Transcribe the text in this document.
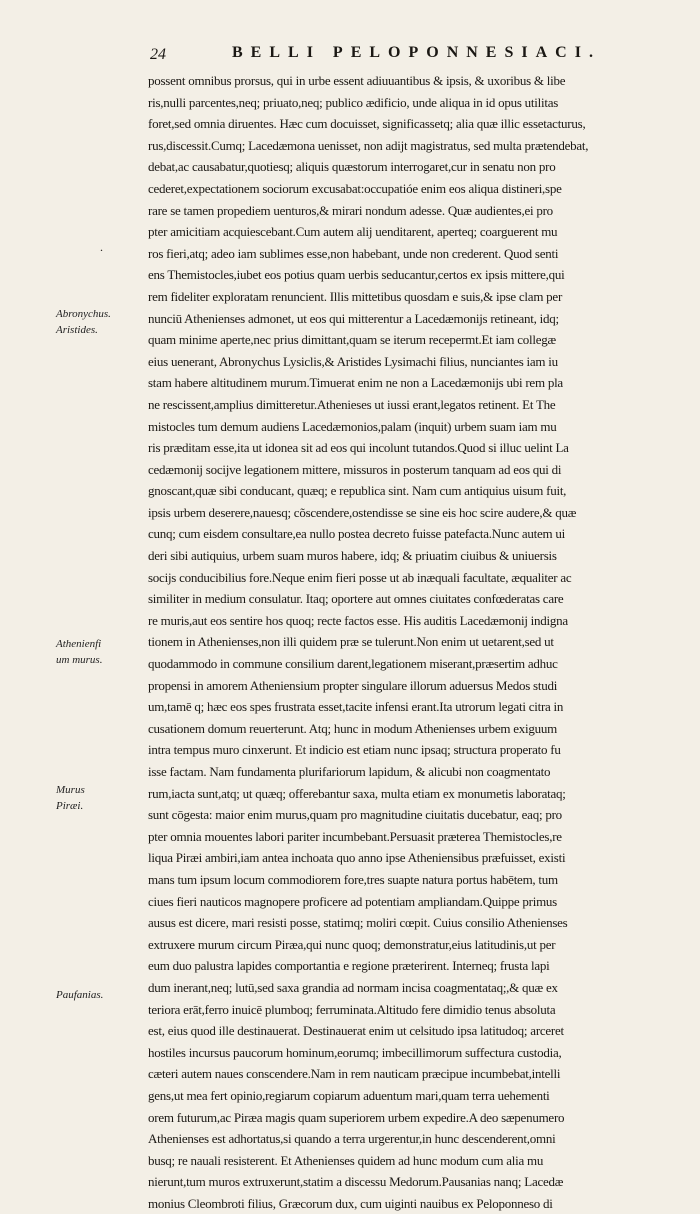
24	BELLI PELOPONNESIACI.
.
Abronychus.
Aristides.
Athenienfi
um murus.
Murus
Piræi.
Paufanias.
possent omnibus prorsus, qui in urbe essent adiuuantibus & ipsis, & uxoribus & libe
ris,nulli parcentes,neq; priuato,neq; publico ædificio, unde aliqua in id opus utilitas
foret,sed omnia diruentes. Hæc cum docuisset, significassetq; alia quæ illic essetacturus,
rus,discessit.Cumq; Lacedæmona uenisset, non adijt magistratus, sed multa prætendebat,
debat,ac causabatur,quotiesq; aliquis quæstorum interrogaret,cur in senatu non pro
cederet,expectationem sociorum excusabat:occupatióe enim eos aliqua distineri,spe
rare se tamen propediem uenturos,& mirari nondum adesse. Quæ audientes,ei pro
pter amicitiam acquiescebant.Cum autem alij uenditarent, aperteq; coarguerent mu
ros fieri,atq; adeo iam sublimes esse,non habebant, unde non crederent. Quod senti
ens Themistocles,iubet eos potius quam uerbis seducantur,certos ex ipsis mittere,qui
rem fideliter exploratam renuncient. Illis mittetibus quosdam e suis,& ipse clam per
nunciū Athenienses admonet, ut eos qui mitterentur a Lacedæmonijs retineant, idq;
quam minime aperte,nec prius dimittant,quam se iterum recepermt.Et iam collegæ
eius uenerant, Abronychus Lysiclis,& Aristides Lysimachi filius, nunciantes iam iu
stam habere altitudinem murum.Timuerat enim ne non a Lacedæmonijs ubi rem pla
ne rescissent,amplius dimitteretur.Athenieses ut iussi erant,legatos retinent. Et The
mistocles tum demum audiens Lacedæmonios,palam (inquit) urbem suam iam mu
ris præditam esse,ita ut idonea sit ad eos qui incolunt tutandos.Quod si illuc uelint La
cedæmonij socijve legationem mittere, missuros in posterum tanquam ad eos qui di
gnoscant,quæ sibi conducant, quæq; e republica sint. Nam cum antiquius uisum fuit,
ipsis urbem deserere,nauesq; cõscendere,ostendisse se sine eis hoc scire audere,& quæ
cunq; cum eisdem consultare,ea nullo postea decreto fuisse patefacta.Nunc autem ui
deri sibi autiquius, urbem suam muros habere, idq; & priuatim ciuibus & uniuersis
socijs conducibilius fore.Neque enim fieri posse ut ab inæquali facultate, æqualiter ac
similiter in medium consulatur. Itaq; oportere aut omnes ciuitates confœderatas care
re muris,aut eos sentire hos quoq; recte factos esse. His auditis Lacedæmonij indigna
tionem in Athenienses,non illi quidem præ se tulerunt.Non enim ut uetarent,sed ut
quodammodo in commune consilium darent,legationem miserant,præsertim adhuc
propensi in amorem Atheniensium propter singulare illorum aduersus Medos studi
um,tamē q; hæc eos spes frustrata esset,tacite infensi erant.Ita utrorum legati citra in
cusationem domum reuerterunt. Atq; hunc in modum Athenienses urbem exiguum
intra tempus muro cinxerunt. Et indicio est etiam nunc ipsaq; structura properato fu
isse factam. Nam fundamenta plurifariorum lapidum, & alicubi non coagmentato
rum,iacta sunt,atq; ut quæq; offerebantur saxa, multa etiam ex monumetis laborataq;
sunt cōgesta: maior enim murus,quam pro magnitudine ciuitatis ducebatur, eaq; pro
pter omnia mouentes labori pariter incumbebant.Persuasit præterea Themistocles,re
liqua Piræi ambiri,iam antea inchoata quo anno ipse Atheniensibus præfuisset, existi
mans tum ipsum locum commodiorem fore,tres suapte natura portus habētem, tum
ciues fieri nauticos magnopere proficere ad potentiam ampliandam.Quippe primus
ausus est dicere, mari resisti posse, statimq; moliri cœpit. Cuius consilio Athenienses
extruxere murum circum Piræa,qui nunc quoq; demonstratur,eius latitudinis,ut per
eum duo palustra lapides comportantia e regione præterirent. Interneq; frusta lapi
dum inerant,neq; lutū,sed saxa grandia ad normam incisa coagmentataq;,& quæ ex
teriora erāt,ferro inuicē plumboq; ferruminata.Altitudo fere dimidio tenus absoluta
est, eius quod ille destinauerat. Destinauerat enim ut celsitudo ipsa latitudoq; arceret
hostiles incursus paucorum hominum,eorumq; imbecillimorum suffectura custodia,
cæteri autem naues conscendere.Nam in rem nauticam præcipue incumbebat,intelli
gens,ut mea fert opinio,regiarum copiarum aduentum mari,quam terra uehementi
orem futurum,ac Piræa magis quam superiorem urbem expedire.A deo sæpenumero
Athenienses est adhortatus,si quando a terra urgerentur,in hunc descenderent,omni
busq; re nauali resisterent. Et Athenienses quidem ad hunc modum cum alia mu
nierunt,tum muros extruxerunt,statim a discessu Medorum.Pausanias nanq; Lacedæ
monius Cleombroti filius, Græcorum dux, cum uiginti nauibus ex Peloponneso di
